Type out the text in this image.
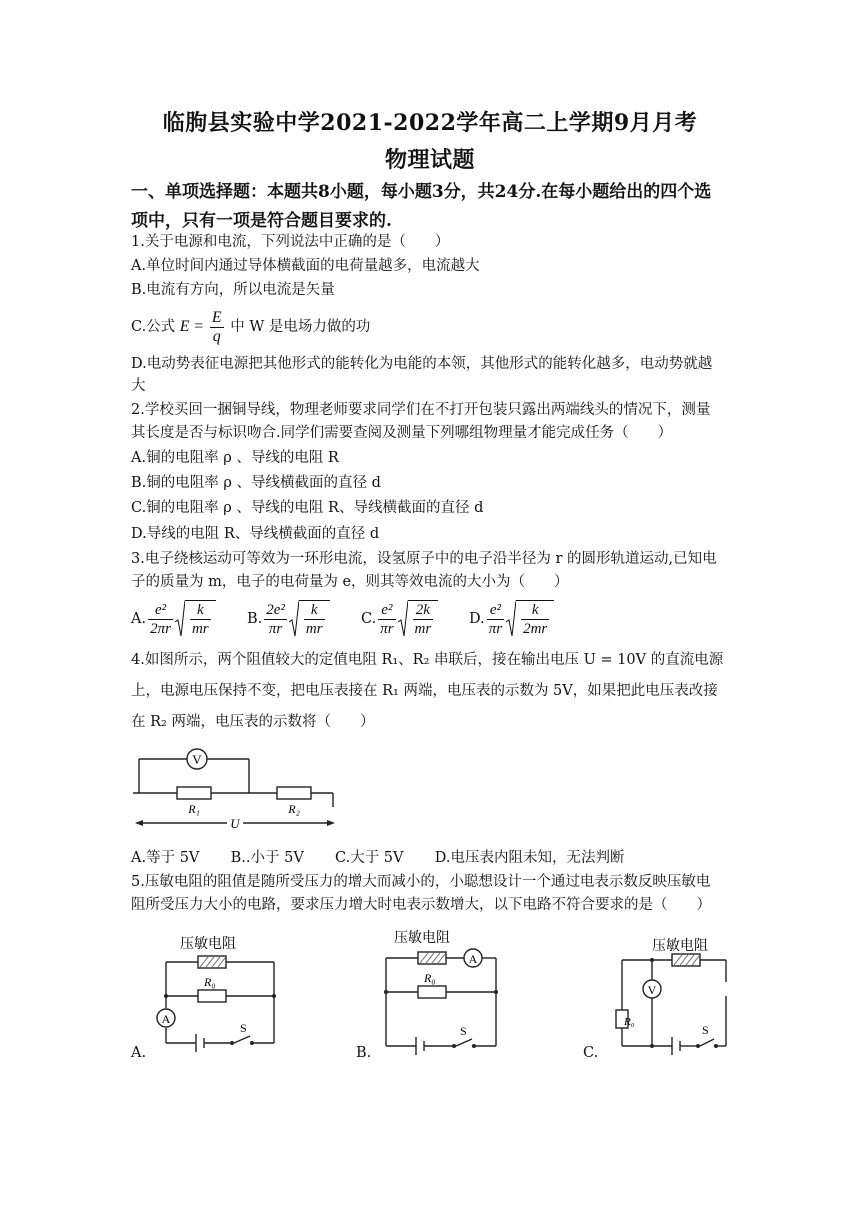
临朐县实验中学2021-2022学年高二上学期9月月考
物理试题
一、单项选择题：本题共8小题，每小题3分，共24分.在每小题给出的四个选
项中，只有一项是符合题目要求的.
1.关于电源和电流，下列说法中正确的是（　　）
A.单位时间内通过导体横截面的电荷量越多，电流越大
B.电流有方向，所以电流是矢量
C.公式 $E = \frac{E}{q}$ 中 W 是电场力做的功
D.电动势表征电源把其他形式的能转化为电能的本领，其他形式的能转化越多，电动势就越
大
2.学校买回一捆铜导线，物理老师要求同学们在不打开包装只露出两端线头的情况下，测量
其长度是否与标识吻合.同学们需要查阅及测量下列哪组物理量才能完成任务（　　）
A.铜的电阻率 ρ 、导线的电阻 R
B.铜的电阻率 ρ 、导线横截面的直径 d
C.铜的电阻率 ρ 、导线的电阻 R、导线横截面的直径 d
D.导线的电阻 R、导线横截面的直径 d
3.电子绕核运动可等效为一环形电流，设氢原子中的电子沿半径为 r 的圆形轨道运动,已知电
子的质量为 m，电子的电荷量为 e，则其等效电流的大小为（　　）
A. $\frac{\text{e²}}{2\pi r} \frac{k}{mr}$	B. $\frac{\text{2e²}}{\pi r} \frac{k}{mr}$	C. $\frac{\text{e²}}{\pi r} \frac{2k}{mr} D$. $\frac{\text{e²}}{\pi r} \frac{k}{2mr}$
4.如图所示，两个阻值较大的定值电阻 R₁、R₂ 串联后，接在输出电压 U = 10V 的直流电源
上，电源电压保持不变，把电压表接在 R₁ 两端，电压表的示数为 5V，如果把此电压表改接
在 R₂ 两端，电压表的示数将（　　）
V
R₁	R₂
U
A.等于 5V B..小于 5V C.大于 5V D.电压表内阻未知，无法判断
5.压敏电阻的阻值是随所受压力的增大而减小的，小聪想设计一个通过电表示数反映压敏电
阻所受压力大小的电路，要求压力增大时电表示数增大，以下电路不符合要求的是（　　）
压敏电阻
A
R₀
S
A.
压敏电阻
A
R₀
S
B.
压敏电阻
V
R₀
S
C.
